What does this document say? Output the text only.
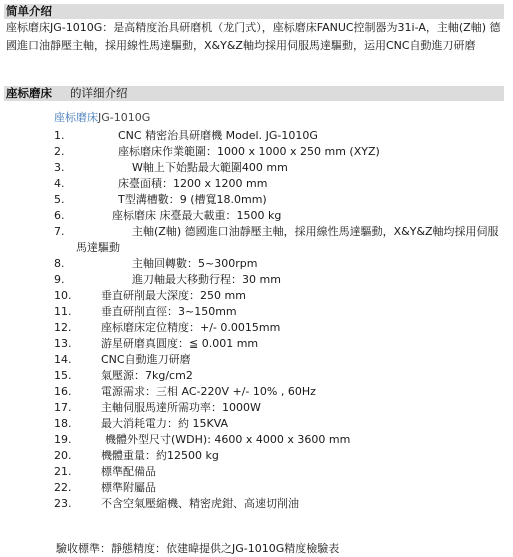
简单介绍
座标磨床JG-1010G：是高精度治具研磨机（龙门式），座标磨床FANUC控制器为31i-A，主軸(Z軸) 德國進口油靜壓主軸，採用線性馬達驅動，X&Y&Z軸均採用伺服馬達驅動，运用CNC自動進刀研磨
座标磨床 的详细介绍
座标磨床JG-1010G
1.	CNC 精密治具研磨機 Model. JG-1010G
2.	座标磨床作業範圍：1000 x 1000 x 250 mm (XYZ)
3.	W軸上下始點最大範圍400 mm
4.	床臺面積：1200 x 1200 mm
5.	T型溝槽數：9 (槽寬18.0mm)
6.	座标磨床 床臺最大載重：1500 kg
7.	主軸(Z軸) 德國進口油靜壓主軸，採用線性馬達驅動，X&Y&Z軸均採用伺服馬達驅動
8.	主軸回轉數：5~300rpm
9.	進刀軸最大移動行程：30 mm
10.	垂直研削最大深度：250 mm
11.	垂直研削直徑：3~150mm
12.	座标磨床定位精度：+/- 0.0015mm
13.	游星研磨真圓度：≦ 0.001 mm
14.	CNC自動進刀研磨
15.	氣壓源：7kg/cm2
16.	電源需求：三相 AC-220V +/- 10% , 60Hz
17.	主軸伺服馬達所需功率：1000W
18.	最大消耗電力：約 15KVA
19.	機體外型尺寸(WDH): 4600 x 4000 x 3600 mm
20.	機體重量：約12500 kg
21.	標準配備品
22.	標準附屬品
23.	不含空氣壓縮機、精密虎鉗、高速切削油
驗收標準：靜態精度：依建暐提供之JG-1010G精度檢驗表
